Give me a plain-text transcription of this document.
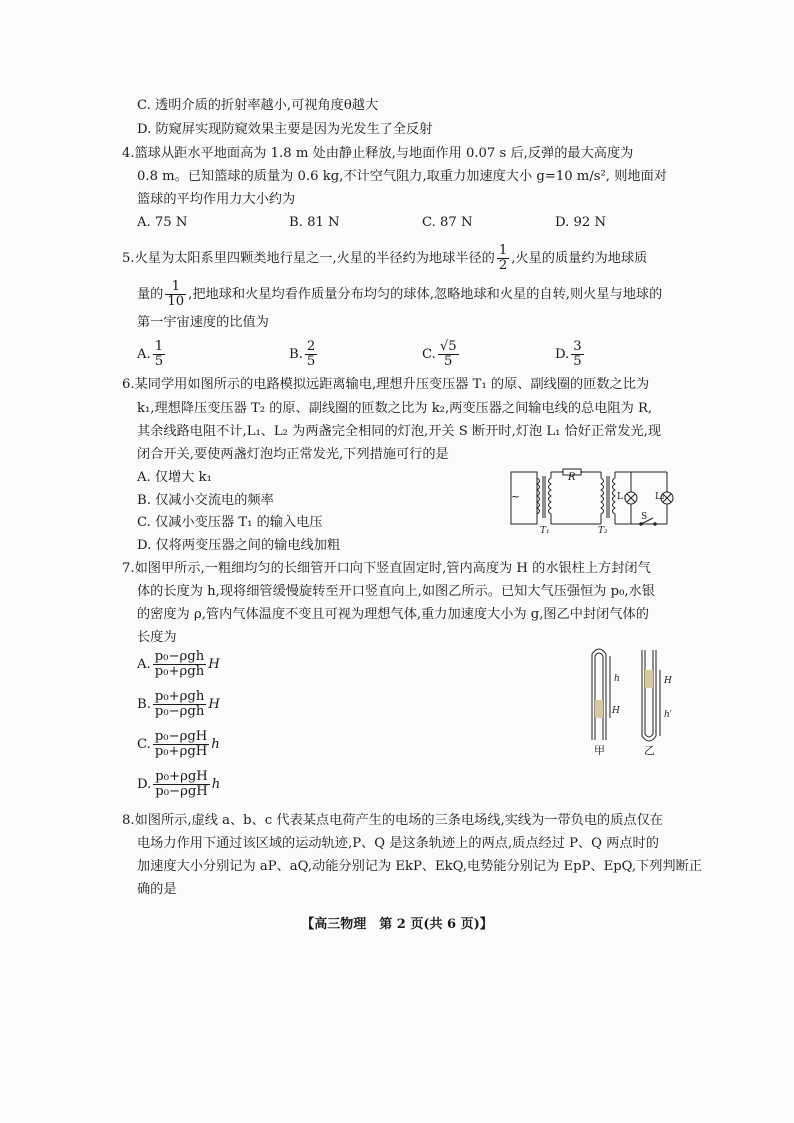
C. 透明介质的折射率越小,可视角度θ越大
D. 防窥屏实现防窥效果主要是因为光发生了全反射
4.篮球从距水平地面高为 1.8 m 处由静止释放,与地面作用 0.07 s 后,反弹的最大高度为
0.8 m。已知篮球的质量为 0.6 kg,不计空气阻力,取重力加速度大小 g=10 m/s², 则地面对
篮球的平均作用力大小约为
A. 75 N	B. 81 N	C. 87 N	D. 92 N
5.火星为太阳系里四颗类地行星之一,火星的半径约为地球半径的 $\frac{1}{2}$ ,火星的质量约为地球质
量的 $\frac{1}{10}$ ,把地球和火星均看作质量分布均匀的球体,忽略地球和火星的自转,则火星与地球的
第一宇宙速度的比值为
A. $\frac{1}{5}$	B. $\frac{2}{5}$	C. $\frac{√5}{5}$	D. $\frac{3}{5}$
6.某同学用如图所示的电路模拟远距离输电,理想升压变压器 T₁ 的原、副线圈的匝数之比为
k₁,理想降压变压器 T₂ 的原、副线圈的匝数之比为 k₂,两变压器之间输电线的总电阻为 R,
其余线路电阻不计,L₁、L₂ 为两盏完全相同的灯泡,开关 S 断开时,灯泡 L₁ 恰好正常发光,现
闭合开关,要使两盏灯泡均正常发光,下列措施可行的是
A. 仅增大 k₁
B. 仅减小交流电的频率
C. 仅减小变压器 T₁ 的输入电压
D. 仅将两变压器之间的输电线加粗
R
~
T₁	T₂
L₁	L₂
S
7.如图甲所示,一粗细均匀的长细管开口向下竖直固定时,管内高度为 H 的水银柱上方封闭气
体的长度为 h,现将细管缓慢旋转至开口竖直向上,如图乙所示。已知大气压强恒为 p₀,水银
的密度为 ρ,管内气体温度不变且可视为理想气体,重力加速度大小为 g,图乙中封闭气体的
长度为
A. $\frac{\text{p₀−ρgh}}{\text{p₀+ρgh}}$ H
B. $\frac{\text{p₀+ρgh}}{\text{p₀−ρgh}}$ H
C. $\frac{\text{p₀−ρgH}}{\text{p₀+ρgH}}$ h
D. $\frac{\text{p₀+ρgH}}{\text{p₀−ρgH}}$ h
h
H
H
h′
甲	乙
8.如图所示,虚线 a、b、c 代表某点电荷产生的电场的三条电场线,实线为一带负电的质点仅在
电场力作用下通过该区域的运动轨迹,P、Q 是这条轨迹上的两点,质点经过 P、Q 两点时的
加速度大小分别记为 aP、aQ,动能分别记为 EkP、EkQ,电势能分别记为 EpP、EpQ,下列判断正
确的是
【高三物理　第 2 页(共 6 页)】
